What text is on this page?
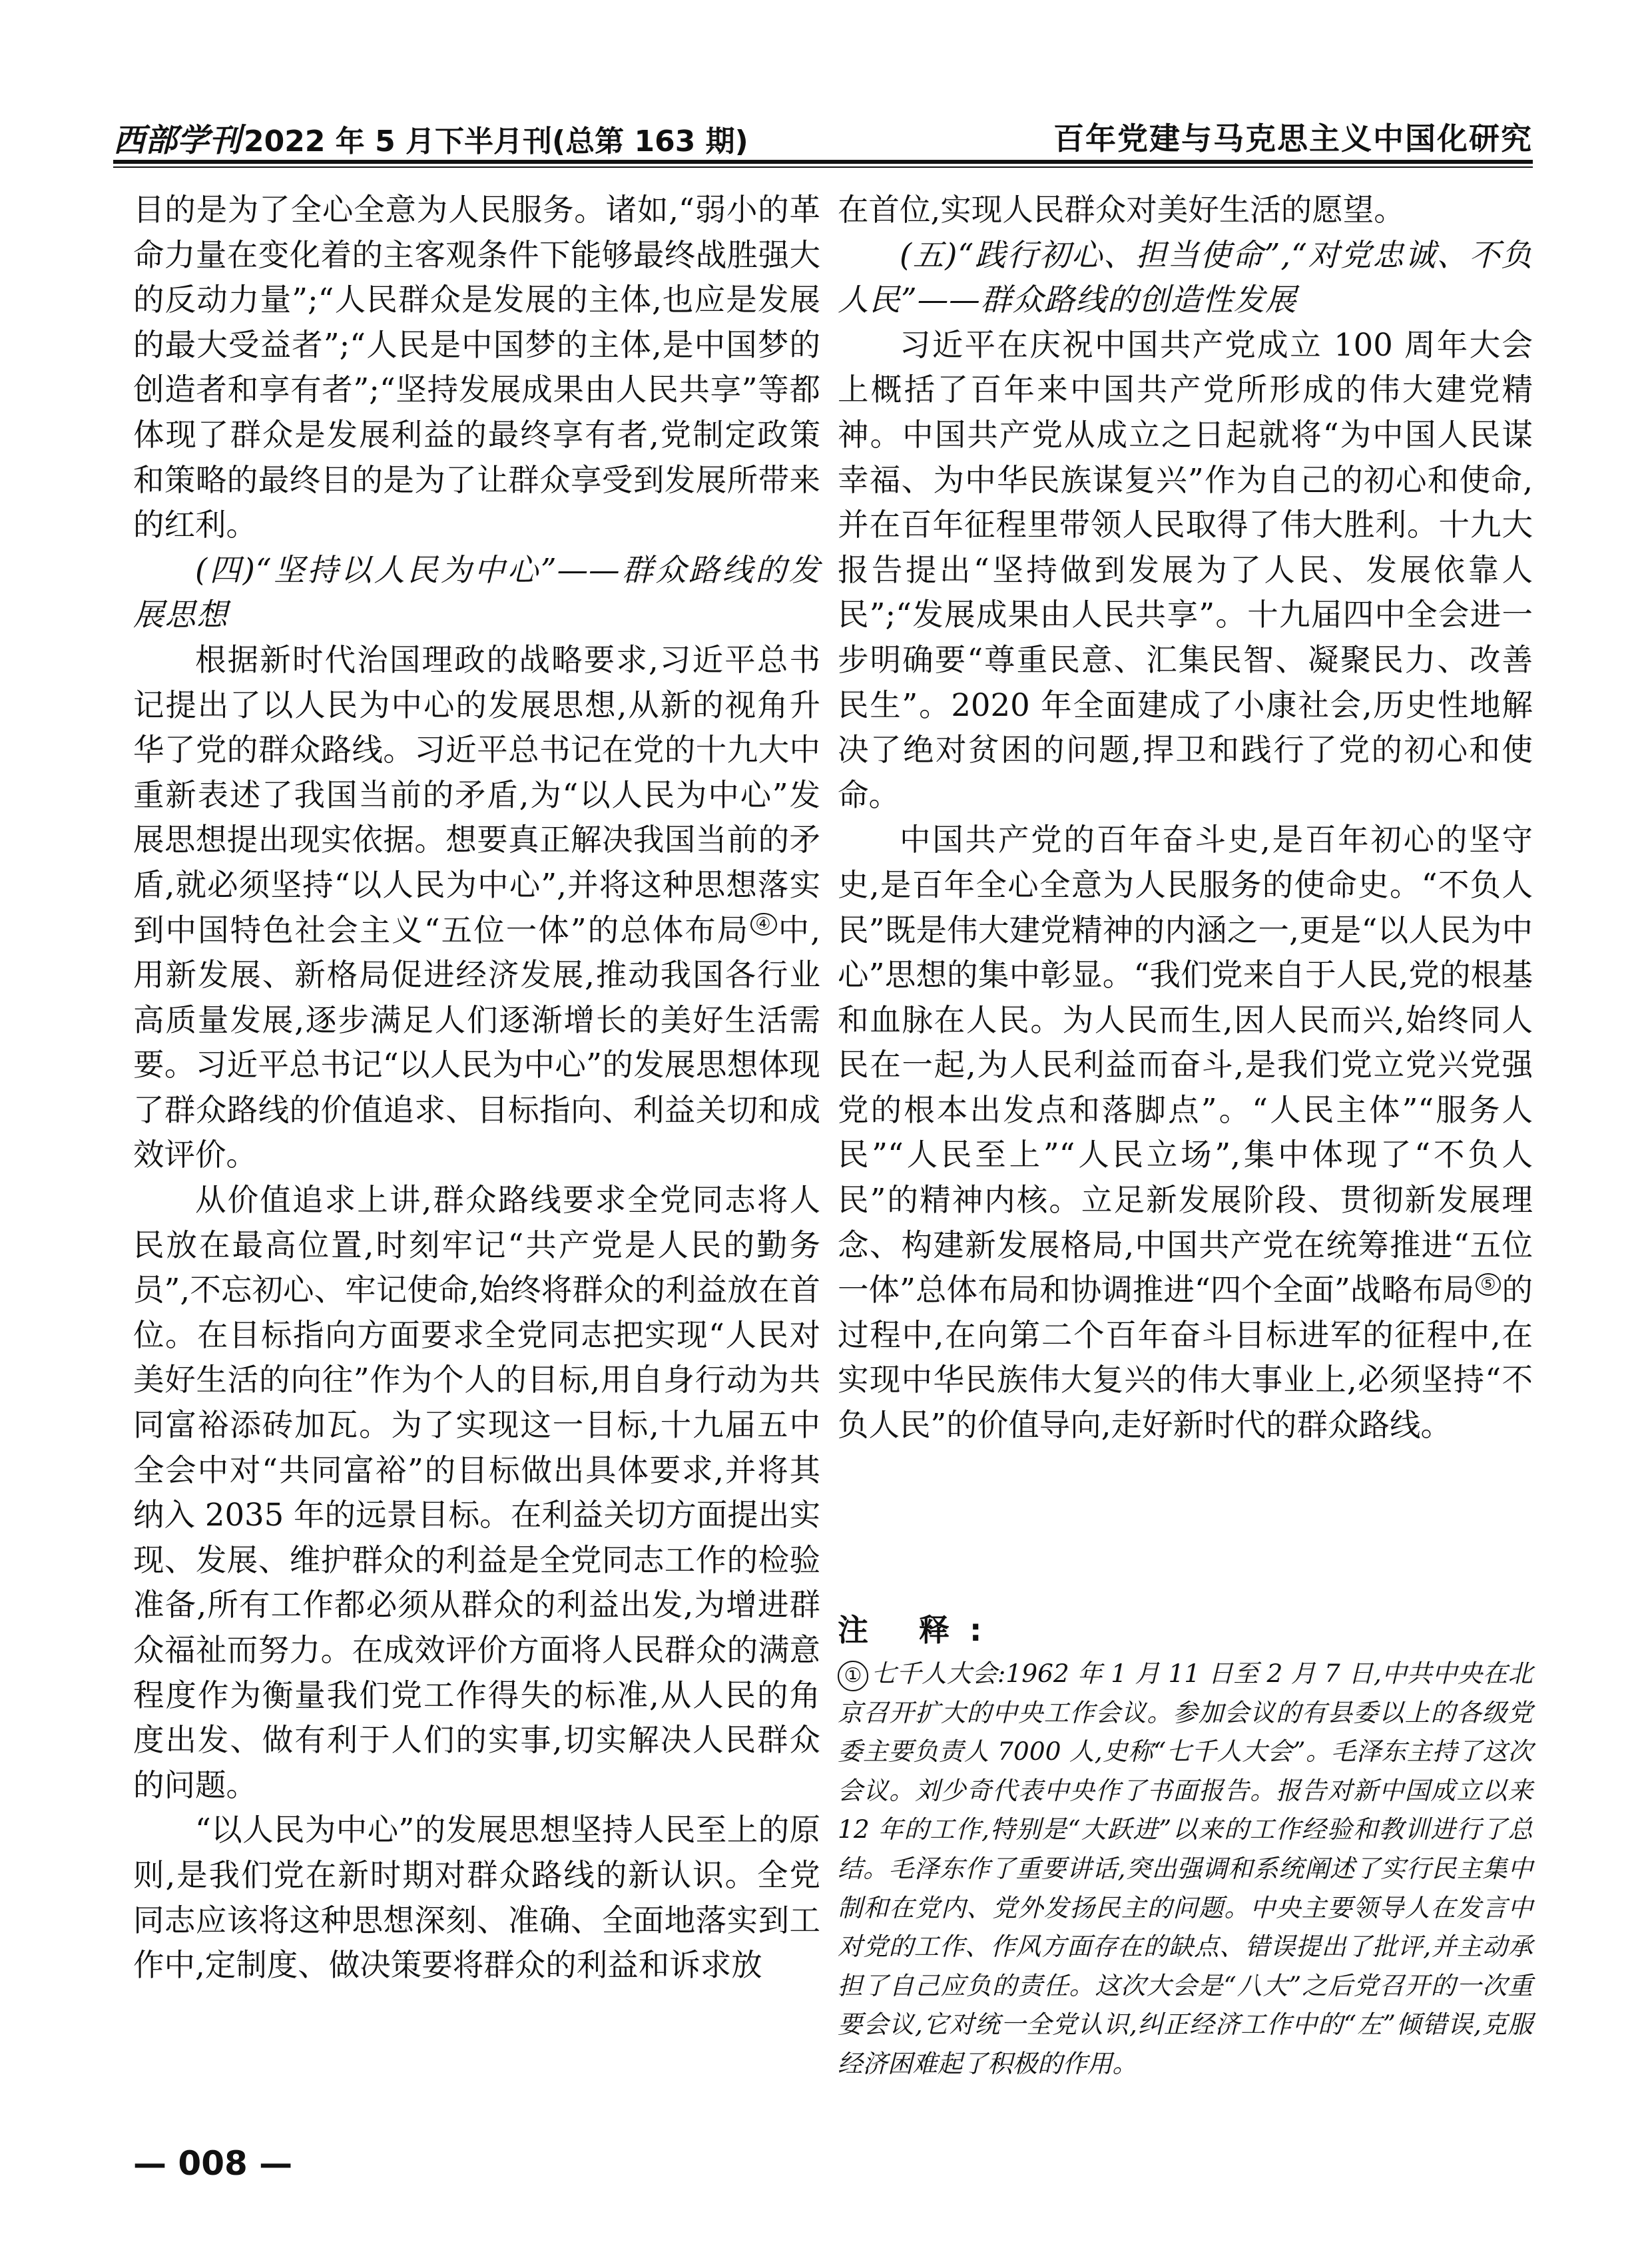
西部学刊2022 年 5 月下半月刊(总第 163 期)	百年党建与马克思主义中国化研究

目的是为了全心全意为人民服务。诸如,“弱小的革命力量在变化着的主客观条件下能够最终战胜强大的反动力量”;“人民群众是发展的主体,也应是发展的最大受益者”;“人民是中国梦的主体,是中国梦的创造者和享有者”;“坚持发展成果由人民共享”等都体现了群众是发展利益的最终享有者,党制定政策和策略的最终目的是为了让群众享受到发展所带来的红利。

(四)“坚持以人民为中心”——群众路线的发展思想

根据新时代治国理政的战略要求,习近平总书记提出了以人民为中心的发展思想,从新的视角升华了党的群众路线。习近平总书记在党的十九大中重新表述了我国当前的矛盾,为“以人民为中心”发展思想提出现实依据。想要真正解决我国当前的矛盾,就必须坚持“以人民为中心”,并将这种思想落实到中国特色社会主义“五位一体”的总体布局 ④ 中,用新发展、新格局促进经济发展,推动我国各行业高质量发展,逐步满足人们逐渐增长的美好生活需要。习近平总书记“以人民为中心”的发展思想体现了群众路线的价值追求、目标指向、利益关切和成效评价。

从价值追求上讲,群众路线要求全党同志将人民放在最高位置,时刻牢记“共产党是人民的勤务员”,不忘初心、牢记使命,始终将群众的利益放在首位。在目标指向方面要求全党同志把实现“人民对美好生活的向往”作为个人的目标,用自身行动为共同富裕添砖加瓦。为了实现这一目标,十九届五中全会中对“共同富裕”的目标做出具体要求,并将其纳入 2035 年的远景目标。在利益关切方面提出实现、发展、维护群众的利益是全党同志工作的检验准备,所有工作都必须从群众的利益出发,为增进群众福祉而努力。在成效评价方面将人民群众的满意程度作为衡量我们党工作得失的标准,从人民的角度出发、做有利于人们的实事,切实解决人民群众的问题。

“以人民为中心”的发展思想坚持人民至上的原则,是我们党在新时期对群众路线的新认识。全党同志应该将这种思想深刻、准确、全面地落实到工作中,定制度、做决策要将群众的利益和诉求放

在首位,实现人民群众对美好生活的愿望。

(五)“践行初心、担当使命”,“对党忠诚、不负人民”——群众路线的创造性发展

习近平在庆祝中国共产党成立 100 周年大会上概括了百年来中国共产党所形成的伟大建党精神。中国共产党从成立之日起就将“为中国人民谋幸福、为中华民族谋复兴”作为自己的初心和使命,并在百年征程里带领人民取得了伟大胜利。十九大报告提出“坚持做到发展为了人民、发展依靠人民”;“发展成果由人民共享”。十九届四中全会进一步明确要“尊重民意、汇集民智、凝聚民力、改善民生”。2020 年全面建成了小康社会,历史性地解决了绝对贫困的问题,捍卫和践行了党的初心和使命。

中国共产党的百年奋斗史,是百年初心的坚守史,是百年全心全意为人民服务的使命史。“不负人民”既是伟大建党精神的内涵之一,更是“以人民为中心”思想的集中彰显。“我们党来自于人民,党的根基和血脉在人民。为人民而生,因人民而兴,始终同人民在一起,为人民利益而奋斗,是我们党立党兴党强党的根本出发点和落脚点”。“人民主体”“服务人民”“人民至上”“人民立场”,集中体现了“不负人民”的精神内核。立足新发展阶段、贯彻新发展理念、构建新发展格局,中国共产党在统筹推进“五位一体”总体布局和协调推进“四个全面”战略布局 ⑤ 的过程中,在向第二个百年奋斗目标进军的征程中,在实现中华民族伟大复兴的伟大事业上,必须坚持“不负人民”的价值导向,走好新时代的群众路线。

注 释:

① 七千人大会:1962 年 1 月 11 日至 2 月 7 日,中共中央在北京召开扩大的中央工作会议。参加会议的有县委以上的各级党委主要负责人 7000 人,史称“七千人大会”。毛泽东主持了这次会议。刘少奇代表中央作了书面报告。报告对新中国成立以来 12 年的工作,特别是“大跃进”以来的工作经验和教训进行了总结。毛泽东作了重要讲话,突出强调和系统阐述了实行民主集中制和在党内、党外发扬民主的问题。中央主要领导人在发言中对党的工作、作风方面存在的缺点、错误提出了批评,并主动承担了自己应负的责任。这次大会是“八大”之后党召开的一次重要会议,它对统一全党认识,纠正经济工作中的“左”倾错误,克服经济困难起了积极的作用。

— 008 —
